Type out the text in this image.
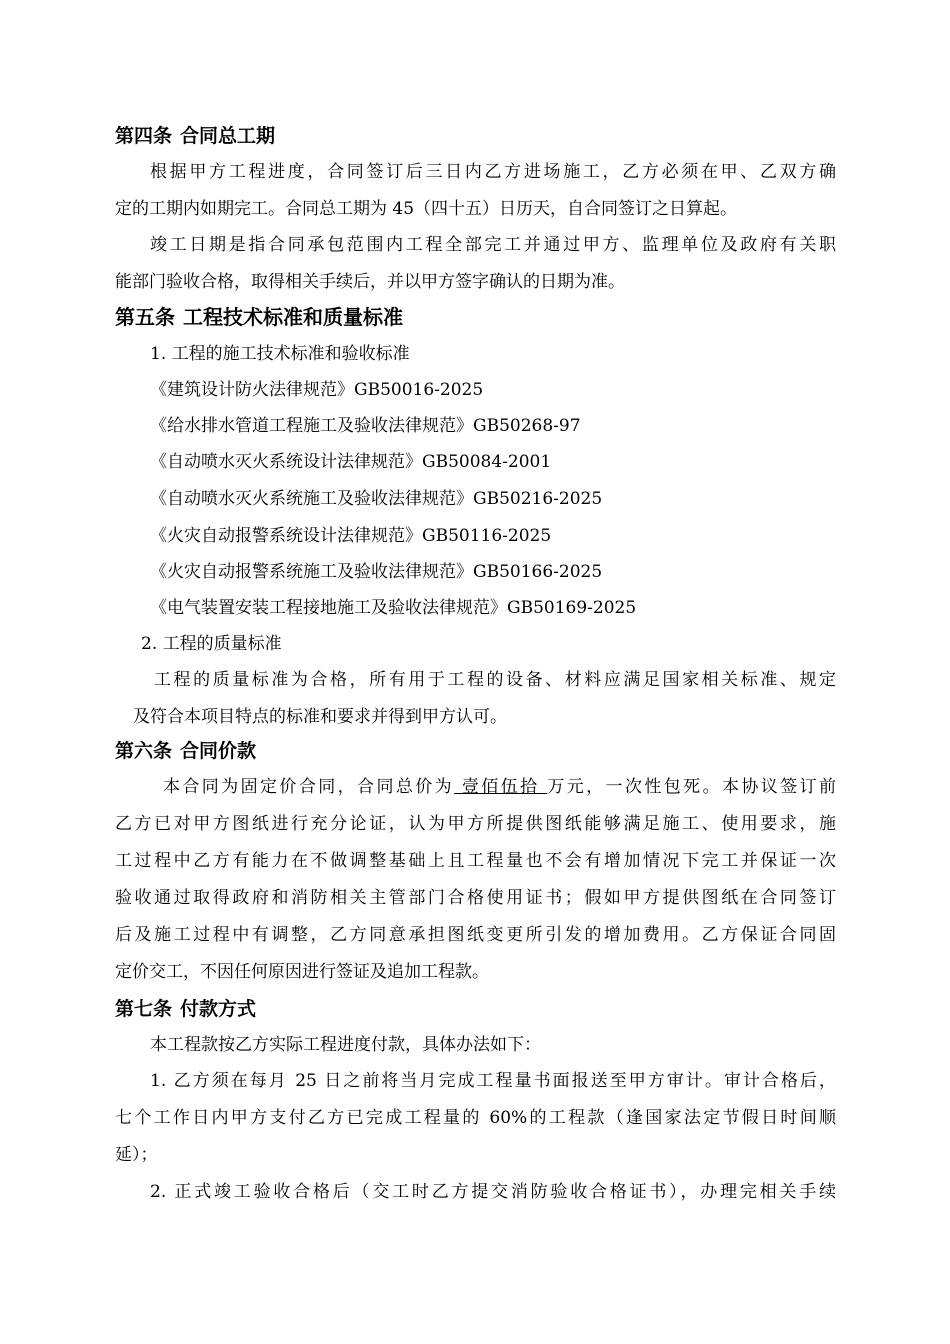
第四条 合同总工期
根据甲方工程进度，合同签订后三日内乙方进场施工，乙方必须在甲、乙双方确
定的工期内如期完工。合同总工期为 45（四十五）日历天，自合同签订之日算起。
竣工日期是指合同承包范围内工程全部完工并通过甲方、监理单位及政府有关职
能部门验收合格，取得相关手续后，并以甲方签字确认的日期为准。
第五条 工程技术标准和质量标准
1. 工程的施工技术标准和验收标准
《建筑设计防火法律规范》GB50016-2025
《给水排水管道工程施工及验收法律规范》GB50268-97
《自动喷水灭火系统设计法律规范》GB50084-2001
《自动喷水灭火系统施工及验收法律规范》GB50216-2025
《火灾自动报警系统设计法律规范》GB50116-2025
《火灾自动报警系统施工及验收法律规范》GB50166-2025
《电气装置安装工程接地施工及验收法律规范》GB50169-2025
2. 工程的质量标准
工程的质量标准为合格，所有用于工程的设备、材料应满足国家相关标准、规定
及符合本项目特点的标准和要求并得到甲方认可。
第六条 合同价款
本合同为固定价合同，合同总价为 壹佰伍拾 万元，一次性包死。本协议签订前
乙方已对甲方图纸进行充分论证，认为甲方所提供图纸能够满足施工、使用要求，施
工过程中乙方有能力在不做调整基础上且工程量也不会有增加情况下完工并保证一次
验收通过取得政府和消防相关主管部门合格使用证书；假如甲方提供图纸在合同签订
后及施工过程中有调整，乙方同意承担图纸变更所引发的增加费用。乙方保证合同固
定价交工，不因任何原因进行签证及追加工程款。
第七条 付款方式
本工程款按乙方实际工程进度付款，具体办法如下：
1. 乙方须在每月 25 日之前将当月完成工程量书面报送至甲方审计。审计合格后，
七个工作日内甲方支付乙方已完成工程量的 60%的工程款（逢国家法定节假日时间顺
延）；
2. 正式竣工验收合格后（交工时乙方提交消防验收合格证书），办理完相关手续
